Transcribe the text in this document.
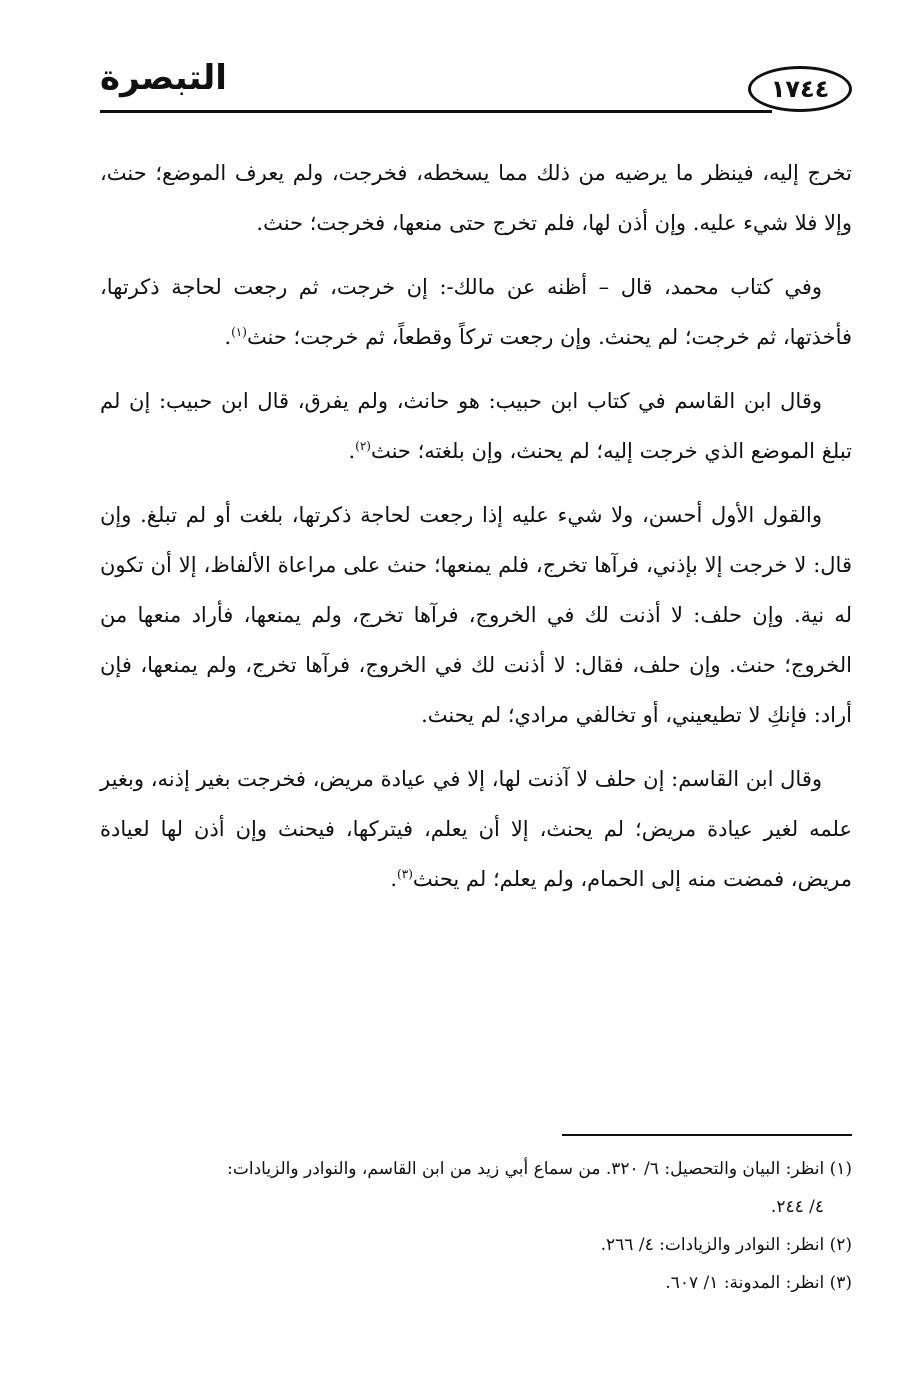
التبصرة	١٧٤٤

تخرج إليه، فينظر ما يرضيه من ذلك مما يسخطه، فخرجت، ولم يعرف الموضع؛ حنث، وإلا فلا شيء عليه. وإن أذن لها، فلم تخرج حتى منعها، فخرجت؛ حنث.

وفي كتاب محمد، قال – أظنه عن مالك-: إن خرجت، ثم رجعت لحاجة ذكرتها، فأخذتها، ثم خرجت؛ لم يحنث. وإن رجعت تركاً وقطعاً، ثم خرجت؛ حنث$^{(١)}$.

وقال ابن القاسم في كتاب ابن حبيب: هو حانث، ولم يفرق، قال ابن حبيب: إن لم تبلغ الموضع الذي خرجت إليه؛ لم يحنث، وإن بلغته؛ حنث$^{(٢)}$.

والقول الأول أحسن، ولا شيء عليه إذا رجعت لحاجة ذكرتها، بلغت أو لم تبلغ. وإن قال: لا خرجت إلا بإذني، فرآها تخرج، فلم يمنعها؛ حنث على مراعاة الألفاظ، إلا أن تكون له نية. وإن حلف: لا أذنت لك في الخروج، فرآها تخرج، ولم يمنعها، فأراد منعها من الخروج؛ حنث. وإن حلف، فقال: لا أذنت لك في الخروج، فرآها تخرج، ولم يمنعها، فإن أراد: فإنكِ لا تطيعيني، أو تخالفي مرادي؛ لم يحنث.

وقال ابن القاسم: إن حلف لا آذنت لها، إلا في عيادة مريض، فخرجت بغير إذنه، وبغير علمه لغير عيادة مريض؛ لم يحنث، إلا أن يعلم، فيتركها، فيحنث وإن أذن لها لعيادة مريض، فمضت منه إلى الحمام، ولم يعلم؛ لم يحنث$^{(٣)}$.

(١) انظر: البيان والتحصيل: ٦/ ٣٢٠. من سماع أبي زيد من ابن القاسم، والنوادر والزيادات:
٤/ ٢٤٤.

(٢) انظر: النوادر والزيادات: ٤/ ٢٦٦.

(٣) انظر: المدونة: ١/ ٦٠٧.
